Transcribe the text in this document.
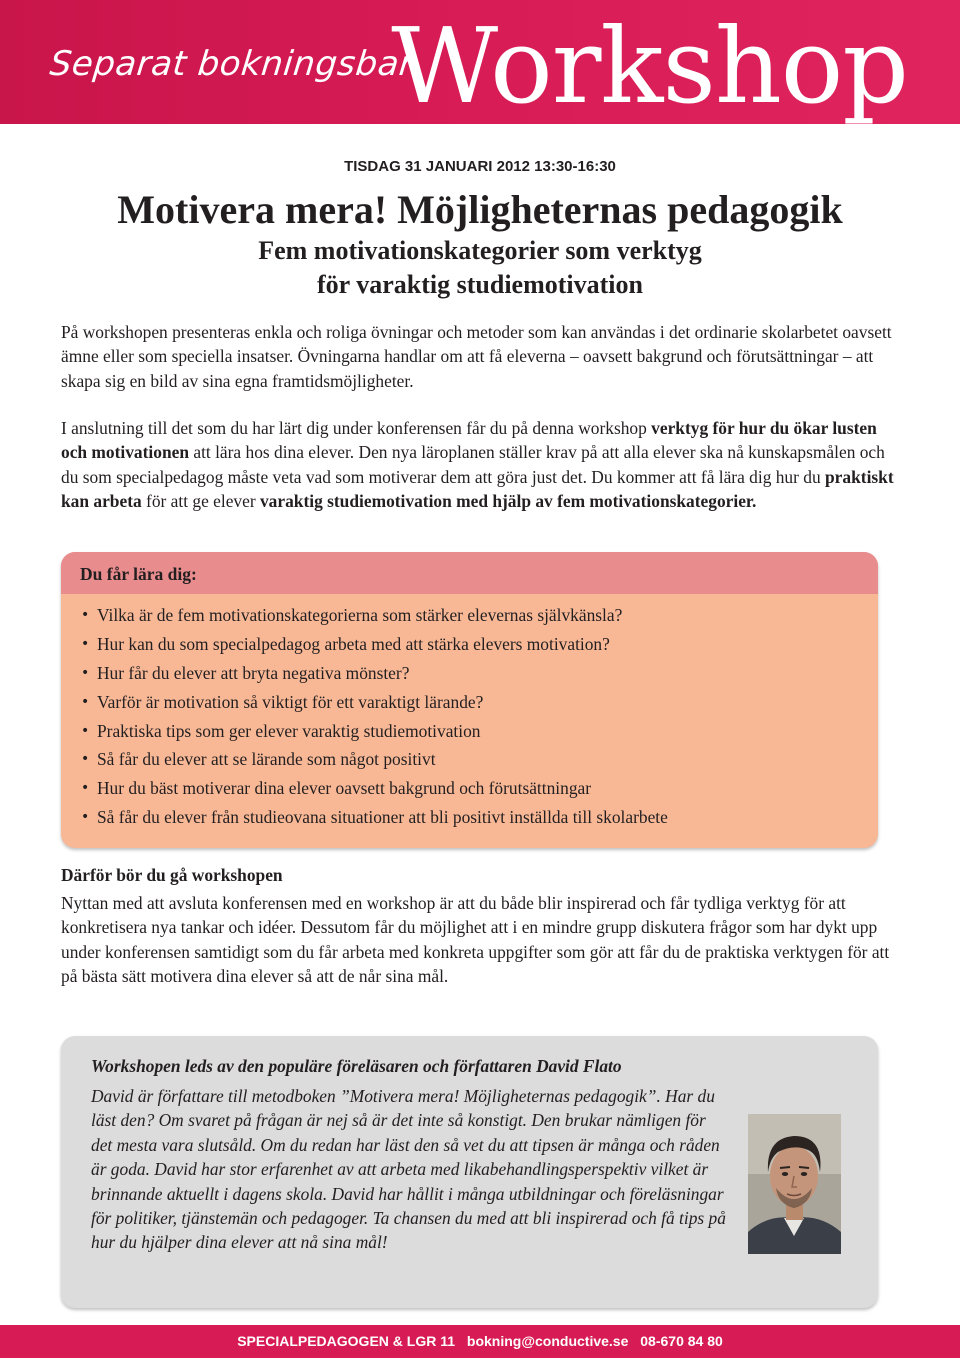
Separat bokningsbar
Workshop
TISDAG 31 JANUARI 2012 13:30-16:30
Motivera mera! Möjligheternas pedagogik
Fem motivationskategorier som verktyg
för varaktig studiemotivation

På workshopen presenteras enkla och roliga övningar och metoder som kan användas i det ordinarie skolarbetet oavsett ämne eller som speciella insatser. Övningarna handlar om att få eleverna – oavsett bakgrund och förutsättningar – att skapa sig en bild av sina egna framtidsmöjligheter.

I anslutning till det som du har lärt dig under konferensen får du på denna workshop verktyg för hur du ökar lusten och motivationen att lära hos dina elever. Den nya läroplanen ställer krav på att alla elever ska nå kunskapsmålen och du som specialpedagog måste veta vad som motiverar dem att göra just det. Du kommer att få lära dig hur du praktiskt kan arbeta för att ge elever varaktig studiemotivation med hjälp av fem motivationskategorier.

Du får lära dig:
• Vilka är de fem motivationskategorierna som stärker elevernas självkänsla?
• Hur kan du som specialpedagog arbeta med att stärka elevers motivation?
• Hur får du elever att bryta negativa mönster?
• Varför är motivation så viktigt för ett varaktigt lärande?
• Praktiska tips som ger elever varaktig studiemotivation
• Så får du elever att se lärande som något positivt
• Hur du bäst motiverar dina elever oavsett bakgrund och förutsättningar
• Så får du elever från studieovana situationer att bli positivt inställda till skolarbete
Därför bör du gå workshopen

Nyttan med att avsluta konferensen med en workshop är att du både blir inspirerad och får tydliga verktyg för att konkretisera nya tankar och idéer. Dessutom får du möjlighet att i en mindre grupp diskutera frågor som har dykt upp under konferensen samtidigt som du får arbeta med konkreta uppgifter som gör att får du de praktiska verktygen för att på bästa sätt motivera dina elever så att de når sina mål.

Workshopen leds av den populäre föreläsaren och författaren David Flato

David är författare till metodboken ”Motivera mera! Möjligheternas pedagogik”. Har du läst den? Om svaret på frågan är nej så är det inte så konstigt. Den brukar nämligen för det mesta vara slutsåld. Om du redan har läst den så vet du att tipsen är många och råden är goda. David har stor erfarenhet av att arbeta med likabehandlingsperspektiv vilket är brinnande aktuellt i dagens skola. David har hållit i många utbildningar och föreläsningar för politiker, tjänstemän och pedagoger. Ta chansen du med att bli inspirerad och få tips på hur du hjälper dina elever att nå sina mål!

SPECIALPEDAGOGEN & LGR 11 bokning@conductive.se 08-670 84 80
